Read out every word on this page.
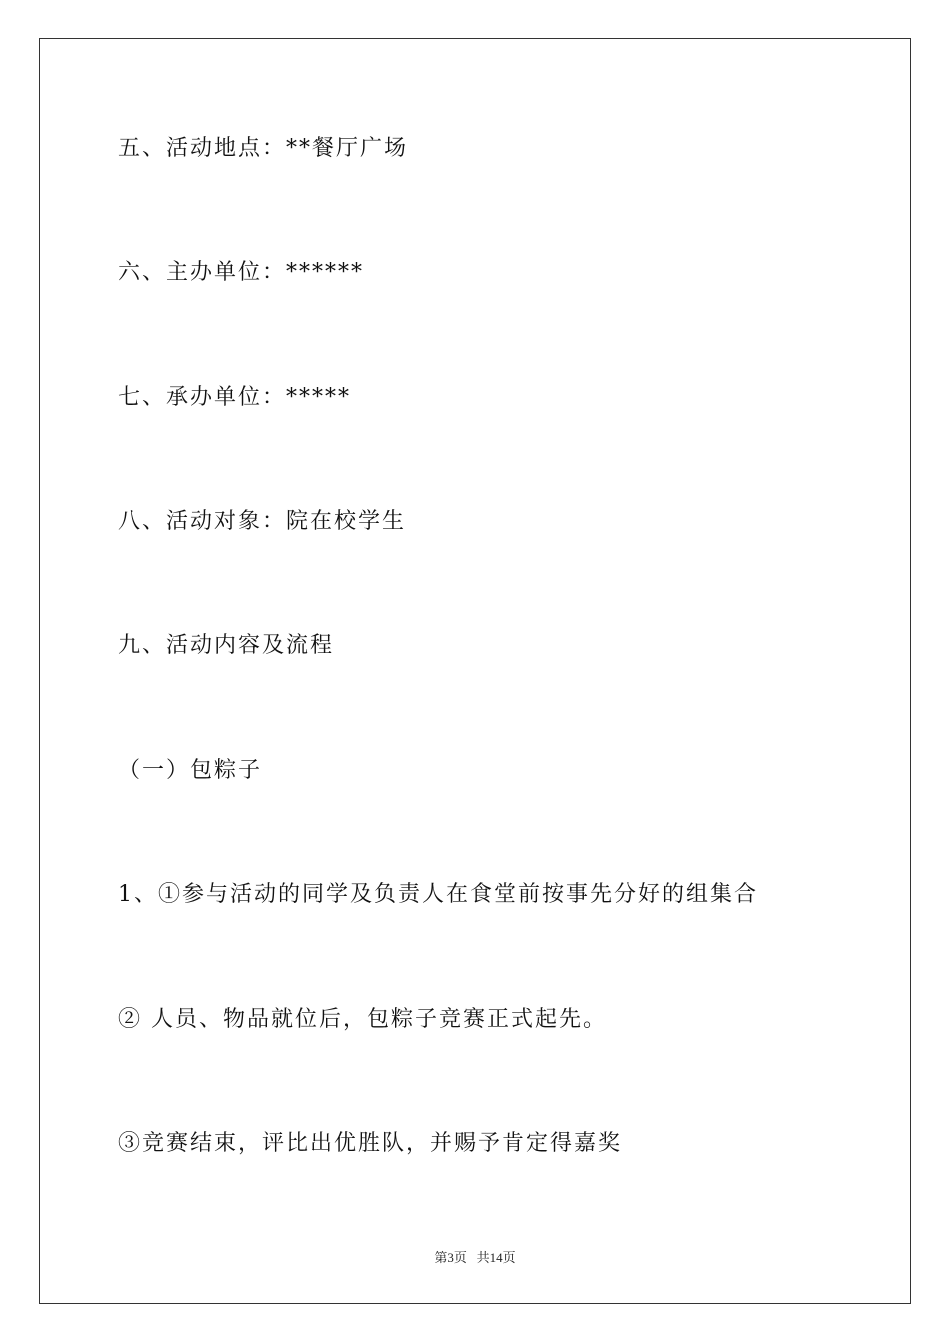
五、活动地点：**餐厅广场
六、主办单位：******
七、承办单位：*****
八、活动对象：院在校学生
九、活动内容及流程
（一）包粽子
1、①参与活动的同学及负责人在食堂前按事先分好的组集合
② 人员、物品就位后，包粽子竞赛正式起先。
③竞赛结束，评比出优胜队，并赐予肯定得嘉奖
第3页   共14页
